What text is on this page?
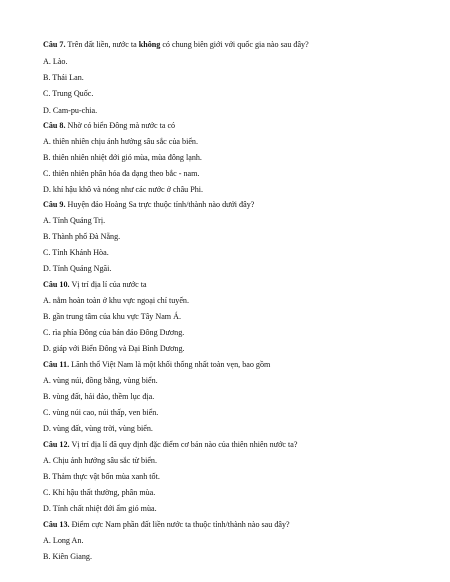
Câu 7. Trên đất liền, nước ta không có chung biên giới với quốc gia nào sau đây?
A. Lào.
B. Thái Lan.
C. Trung Quốc.
D. Cam-pu-chia.
Câu 8. Nhờ có biển Đông mà nước ta có
A. thiên nhiên chịu ảnh hưởng sâu sắc của biển.
B. thiên nhiên nhiệt đới gió mùa, mùa đông lạnh.
C. thiên nhiên phân hóa đa dạng theo bắc - nam.
D. khí hậu khô và nóng như các nước ở châu Phi.
Câu 9. Huyện đảo Hoàng Sa trực thuộc tỉnh/thành nào dưới đây?
A. Tỉnh Quảng Trị.
B. Thành phố Đà Nẵng.
C. Tỉnh Khánh Hòa.
D. Tỉnh Quảng Ngãi.
Câu 10. Vị trí địa lí của nước ta
A. nằm hoàn toàn ở khu vực ngoại chí tuyến.
B. gần trung tâm của khu vực Tây Nam Á.
C. rìa phía Đông của bán đảo Đông Dương.
D. giáp với Biển Đông và Đại Bình Dương.
Câu 11. Lãnh thổ Việt Nam là một khối thống nhất toàn vẹn, bao gồm
A. vùng núi, đồng bằng, vùng biển.
B. vùng đất, hải đảo, thềm lục địa.
C. vùng núi cao, núi thấp, ven biển.
D. vùng đất, vùng trời, vùng biển.
Câu 12. Vị trí địa lí đã quy định đặc điểm cơ bản nào của thiên nhiên nước ta?
A. Chịu ảnh hưởng sâu sắc từ biển.
B. Thảm thực vật bốn mùa xanh tốt.
C. Khí hậu thất thường, phân mùa.
D. Tính chất nhiệt đới ẩm gió mùa.
Câu 13. Điểm cực Nam phần đất liền nước ta thuộc tỉnh/thành nào sau đây?
A. Long An.
B. Kiên Giang.
